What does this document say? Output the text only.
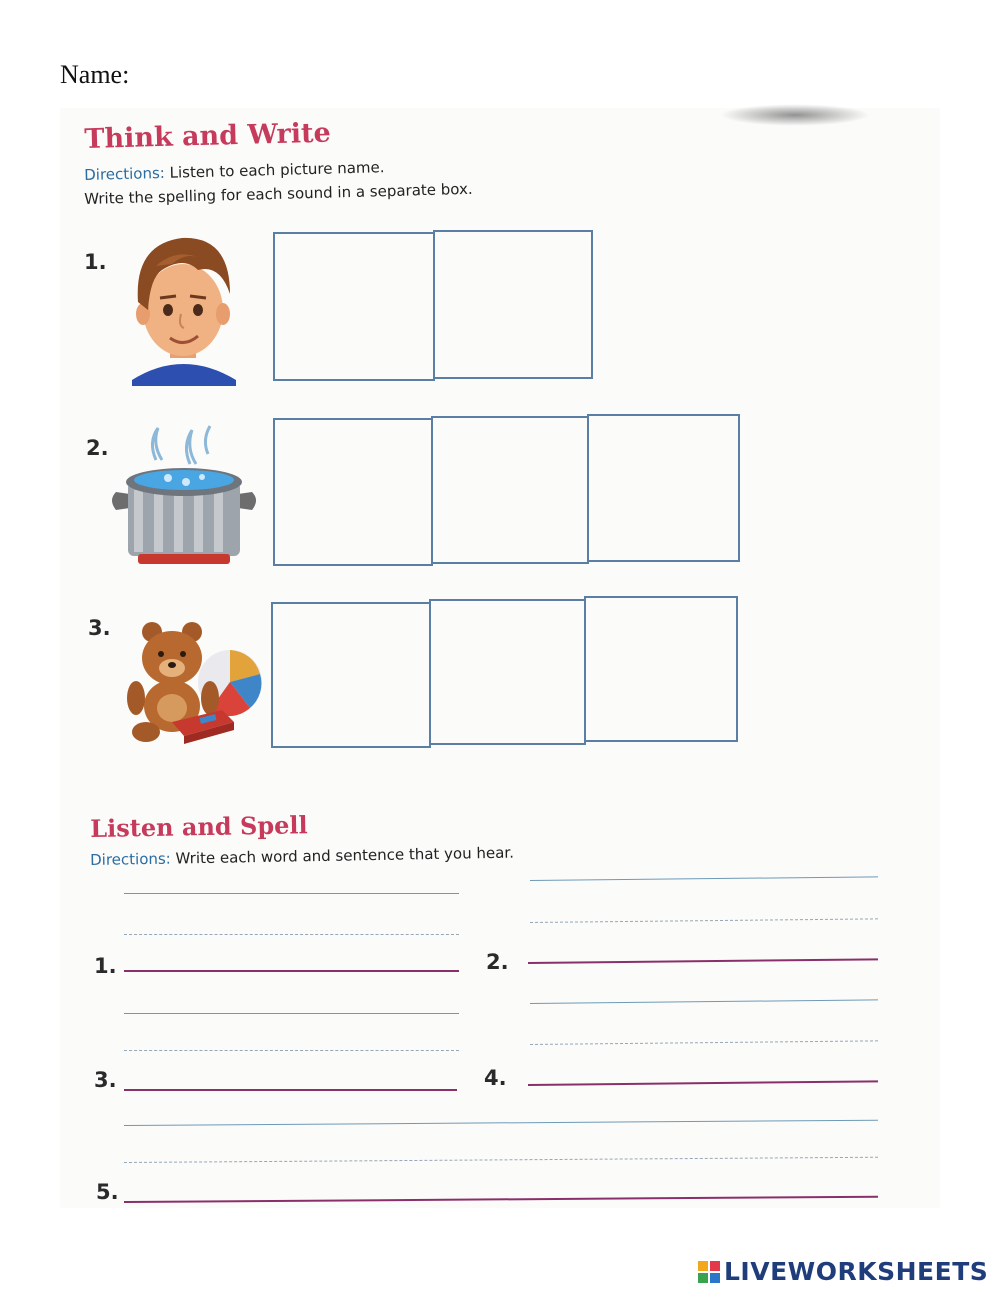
Name:
Think and Write
Directions: Listen to each picture name.
Write the spelling for each sound in a separate box.
1.
2.
3.
Listen and Spell
Directions: Write each word and sentence that you hear.
1.	2.
3.	4.
5.
LIVEWORKSHEETS
